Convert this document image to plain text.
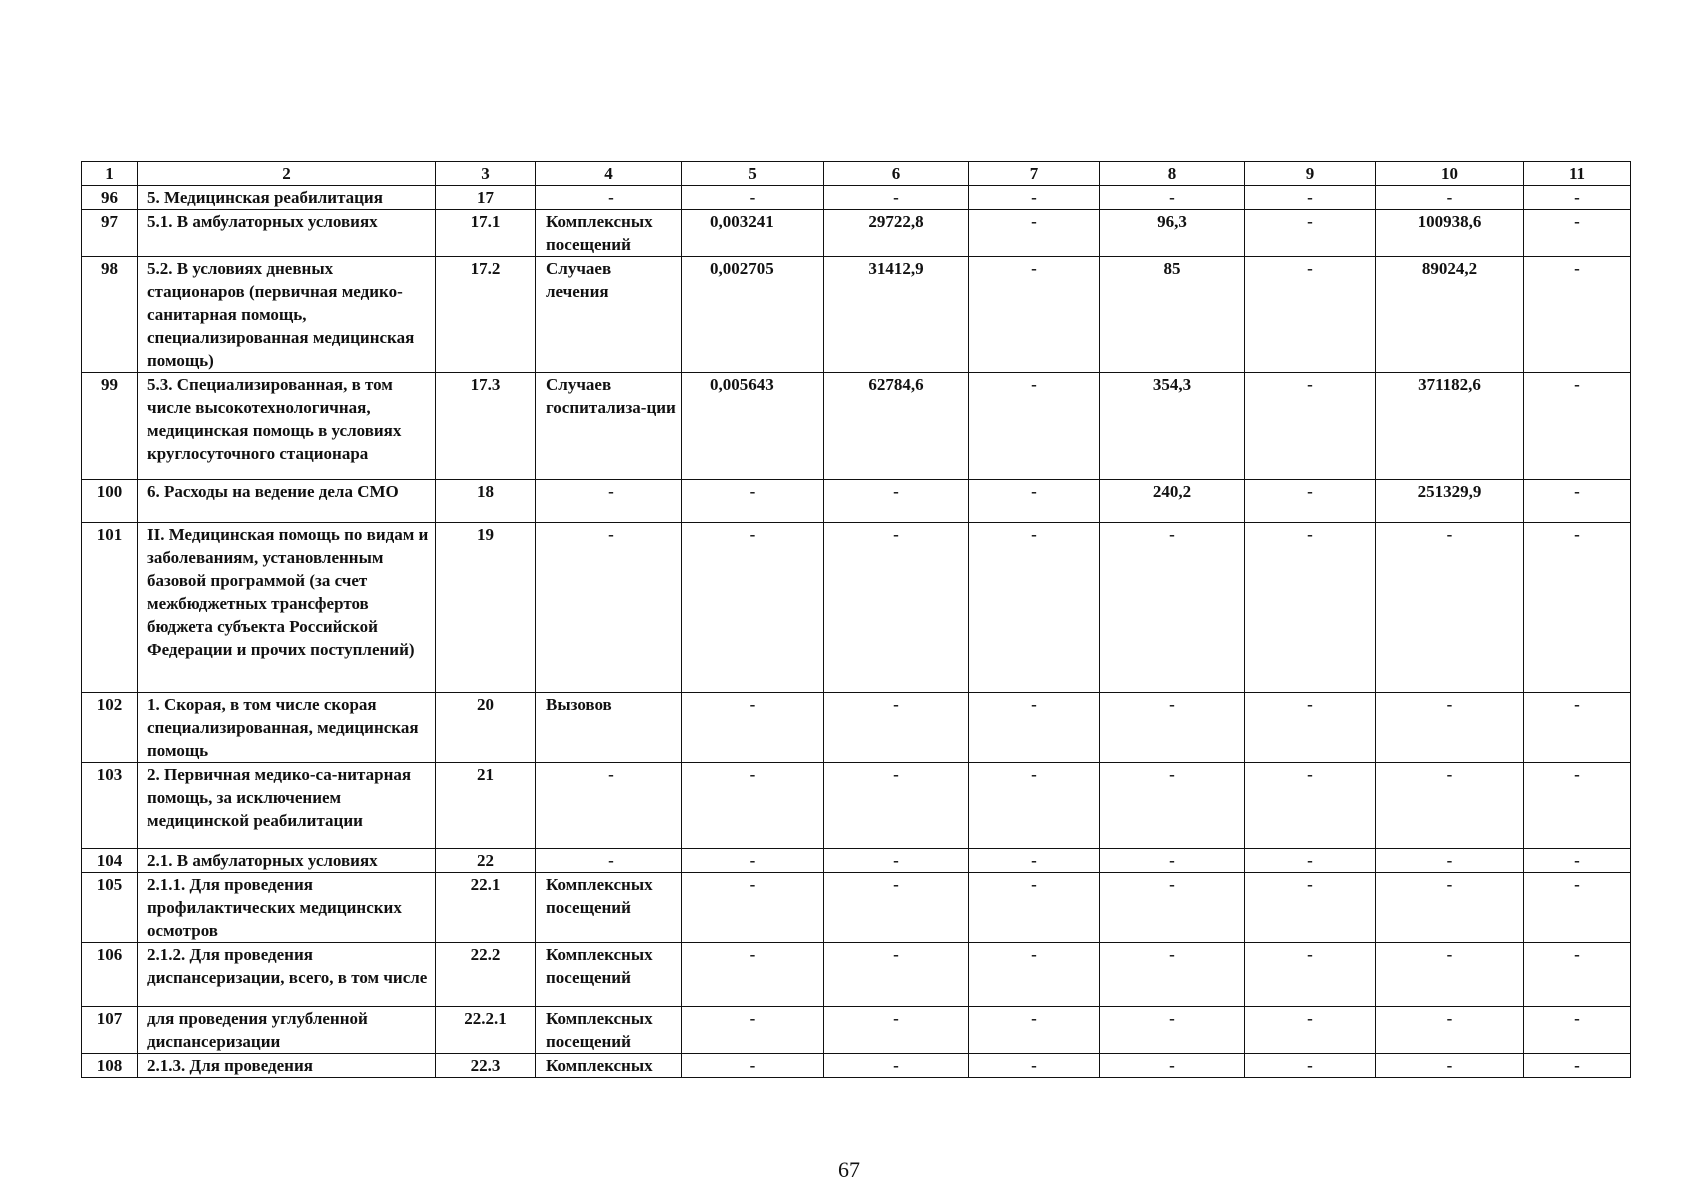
1	2	3	4	5	6	7	8	9	10	11
96	5. Медицинская реабилитация	17	-	-	-	-	-	-	-	-
97	5.1. В амбулаторных условиях	17.1	Комплексных посещений	0,003241	29722,8	-	96,3	-	100938,6	-
98	5.2. В условиях дневных стационаров (первичная медико-санитарная помощь, специализированная медицинская помощь)	17.2	Случаев лечения	0,002705	31412,9	-	85	-	89024,2	-
99	5.3. Специализированная, в том числе высокотехнологичная, медицинская помощь в условиях круглосуточного стационара	17.3	Случаев госпитализа-ции	0,005643	62784,6	-	354,3	-	371182,6	-
100	6. Расходы на ведение дела СМО	18	-	-	-	-	240,2	-	251329,9	-
101	II. Медицинская помощь по видам и заболеваниям, установленным базовой программой (за счет межбюджетных трансфертов бюджета субъекта Российской Федерации и прочих поступлений)	19	-	-	-	-	-	-	-	-
102	1. Скорая, в том числе скорая специализированная, медицинская помощь	20	Вызовов	-	-	-	-	-	-	-
103	2. Первичная медико-са-нитарная помощь, за исключением медицинской реабилитации	21	-	-	-	-	-	-	-	-
104	2.1. В амбулаторных условиях	22	-	-	-	-	-	-	-	-
105	2.1.1. Для проведения профилактических медицинских осмотров	22.1	Комплексных посещений	-	-	-	-	-	-	-
106	2.1.2. Для проведения диспансеризации, всего, в том числе	22.2	Комплексных посещений	-	-	-	-	-	-	-
107	для проведения углубленной диспансеризации	22.2.1	Комплексных посещений	-	-	-	-	-	-	-
108	2.1.3. Для проведения	22.3	Комплексных	-	-	-	-	-	-	-
67
